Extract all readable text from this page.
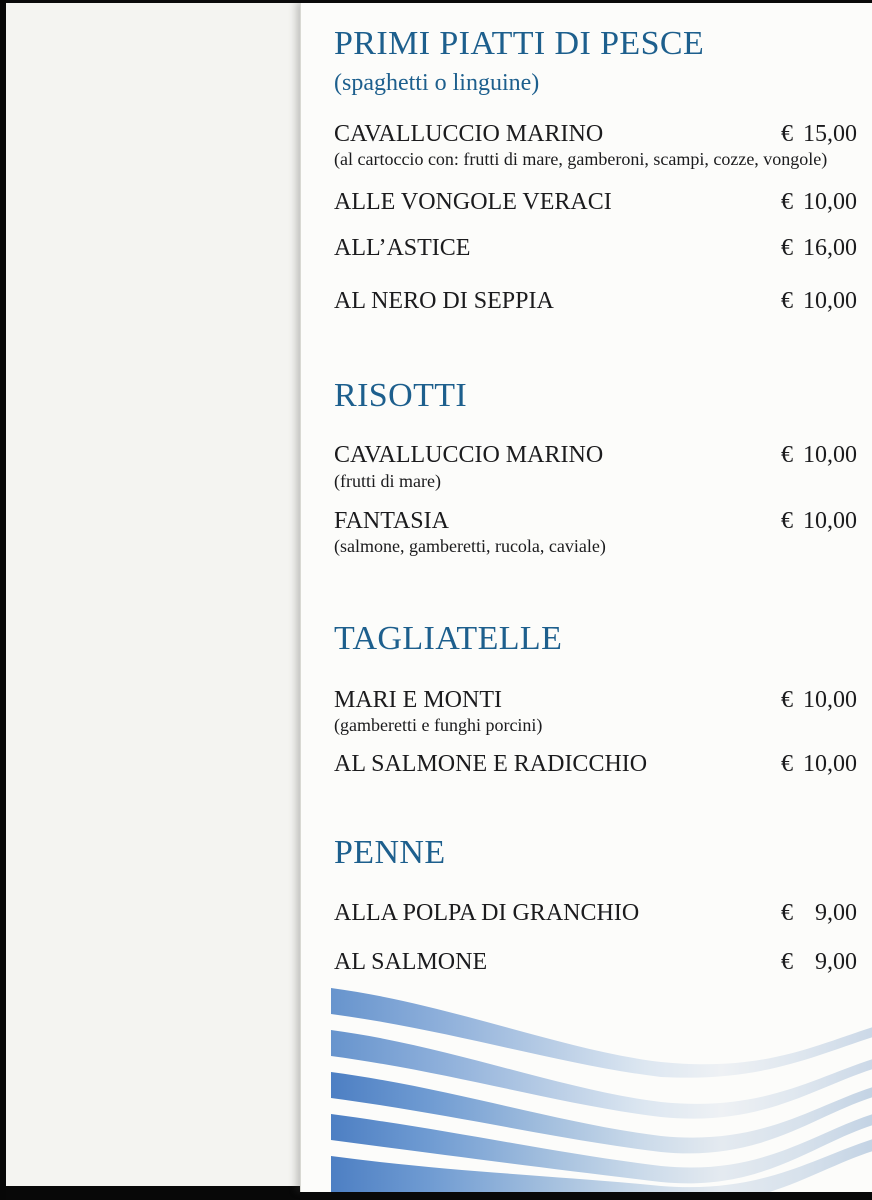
PRIMI PIATTI DI PESCE
(spaghetti o linguine)
CAVALLUCCIO MARINO	€ 15,00
(al cartoccio con: frutti di mare, gamberoni, scampi, cozze, vongole)
ALLE VONGOLE VERACI	€ 10,00
ALL’ASTICE	€ 16,00
AL NERO DI SEPPIA	€ 10,00
RISOTTI
CAVALLUCCIO MARINO	€ 10,00
(frutti di mare)
FANTASIA	€ 10,00
(salmone, gamberetti, rucola, caviale)
TAGLIATELLE
MARI E MONTI	€ 10,00
(gamberetti e funghi porcini)
AL SALMONE E RADICCHIO	€ 10,00
PENNE
ALLA POLPA DI GRANCHIO	€ 9,00
AL SALMONE	€ 9,00
